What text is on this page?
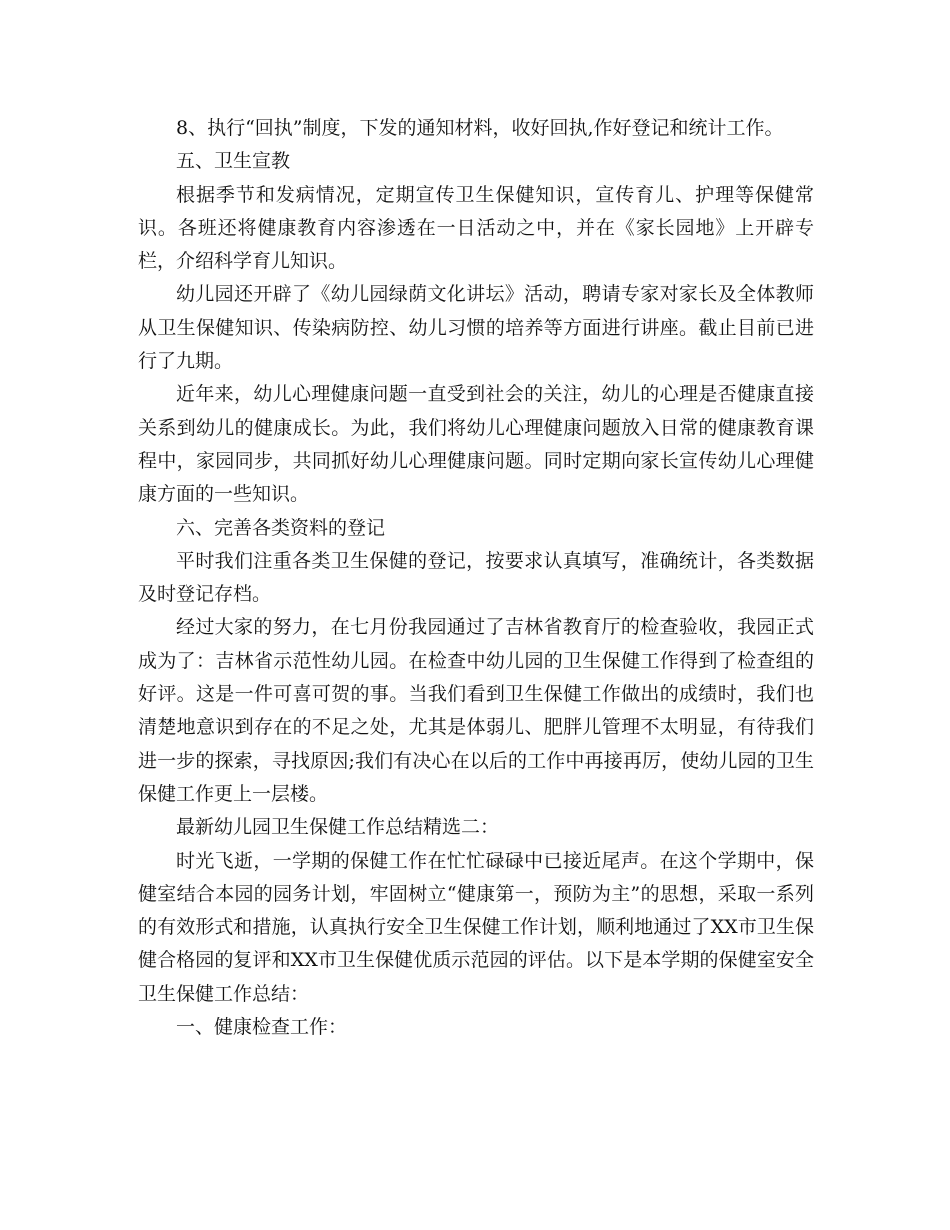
8、执行“回执”制度，下发的通知材料，收好回执,作好登记和统计工作。

五、卫生宣教

根据季节和发病情况，定期宣传卫生保健知识，宣传育儿、护理等保健常识。各班还将健康教育内容渗透在一日活动之中，并在《家长园地》上开辟专栏，介绍科学育儿知识。

幼儿园还开辟了《幼儿园绿荫文化讲坛》活动，聘请专家对家长及全体教师从卫生保健知识、传染病防控、幼儿习惯的培养等方面进行讲座。截止目前已进行了九期。

近年来，幼儿心理健康问题一直受到社会的关注，幼儿的心理是否健康直接关系到幼儿的健康成长。为此，我们将幼儿心理健康问题放入日常的健康教育课程中，家园同步，共同抓好幼儿心理健康问题。同时定期向家长宣传幼儿心理健康方面的一些知识。

六、完善各类资料的登记

平时我们注重各类卫生保健的登记，按要求认真填写，准确统计，各类数据及时登记存档。

经过大家的努力，在七月份我园通过了吉林省教育厅的检查验收，我园正式成为了：吉林省示范性幼儿园。在检查中幼儿园的卫生保健工作得到了检查组的好评。这是一件可喜可贺的事。当我们看到卫生保健工作做出的成绩时，我们也清楚地意识到存在的不足之处，尤其是体弱儿、肥胖儿管理不太明显，有待我们进一步的探索，寻找原因;我们有决心在以后的工作中再接再厉，使幼儿园的卫生保健工作更上一层楼。

最新幼儿园卫生保健工作总结精选二：

时光飞逝，一学期的保健工作在忙忙碌碌中已接近尾声。在这个学期中，保健室结合本园的园务计划，牢固树立“健康第一，预防为主”的思想，采取一系列的有效形式和措施，认真执行安全卫生保健工作计划，顺利地通过了XX市卫生保健合格园的复评和XX市卫生保健优质示范园的评估。以下是本学期的保健室安全卫生保健工作总结：

一、健康检查工作：
